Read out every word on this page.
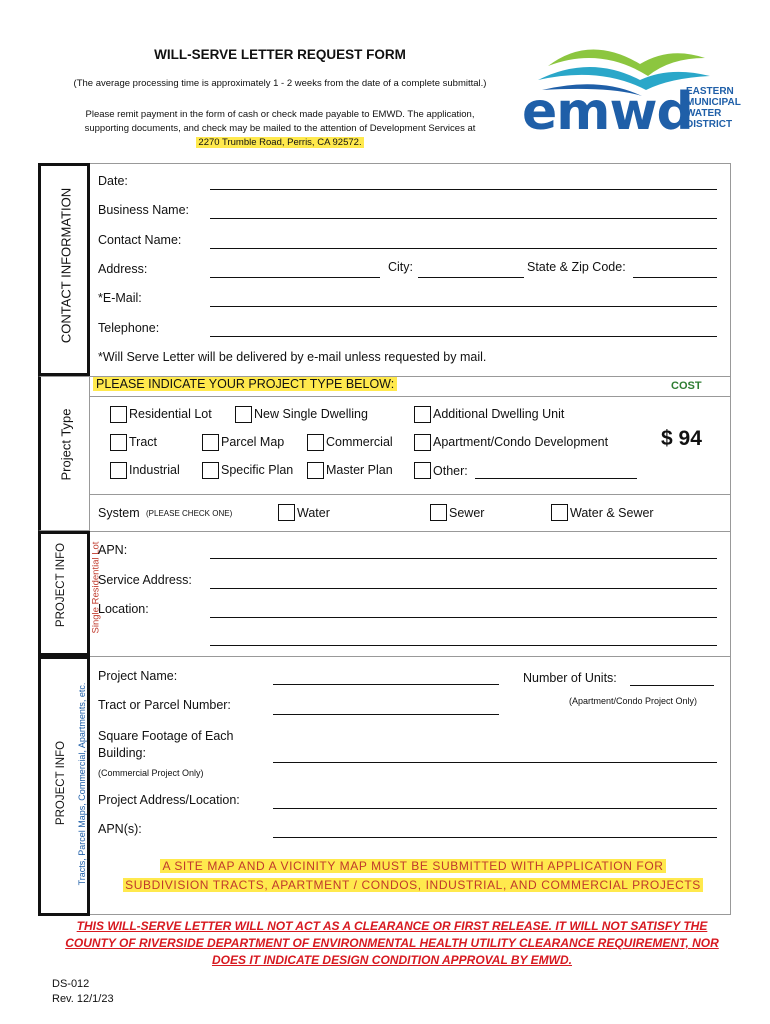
WILL-SERVE LETTER REQUEST FORM
(The average processing time is approximately 1 - 2 weeks from the date of a complete submittal.)
Please remit payment in the form of cash or check made payable to EMWD. The application,
supporting documents, and check may be mailed to the attention of Development Services at
2270 Trumble Road, Perris, CA 92572.
emwd
EASTERN
MUNICIPAL
WATER
DISTRICT
CONTACT INFORMATION
Project Type
PROJECT INFO Single Residential Lot
PROJECT INFO Tracts, Parcel Maps, Commercial, Apartments, etc.
Date:
Business Name:
Contact Name:
Address:	City:	State & Zip Code:
*E-Mail:
Telephone:
*Will Serve Letter will be delivered by e-mail unless requested by mail.
PLEASE INDICATE YOUR PROJECT TYPE BELOW:	COST
Residential Lot	New Single Dwelling	Additional Dwelling Unit
Tract	Parcel Map	Commercial	Apartment/Condo Development	$ 94
Industrial	Specific Plan	Master Plan	Other:
System (PLEASE CHECK ONE)	Water	Sewer	Water & Sewer
APN:
Service Address:
Location:
Project Name:	Number of Units:
(Apartment/Condo Project Only)
Tract or Parcel Number:
Square Footage of Each
Building:
(Commercial Project Only)
Project Address/Location:
APN(s):
A SITE MAP AND A VICINITY MAP MUST BE SUBMITTED WITH APPLICATION FOR
SUBDIVISION TRACTS, APARTMENT / CONDOS, INDUSTRIAL, AND COMMERCIAL PROJECTS
THIS WILL-SERVE LETTER WILL NOT ACT AS A CLEARANCE OR FIRST RELEASE. IT WILL NOT SATISFY THE
COUNTY OF RIVERSIDE DEPARTMENT OF ENVIRONMENTAL HEALTH UTILITY CLEARANCE REQUIREMENT, NOR
DOES IT INDICATE DESIGN CONDITION APPROVAL BY EMWD.
DS-012
Rev. 12/1/23
